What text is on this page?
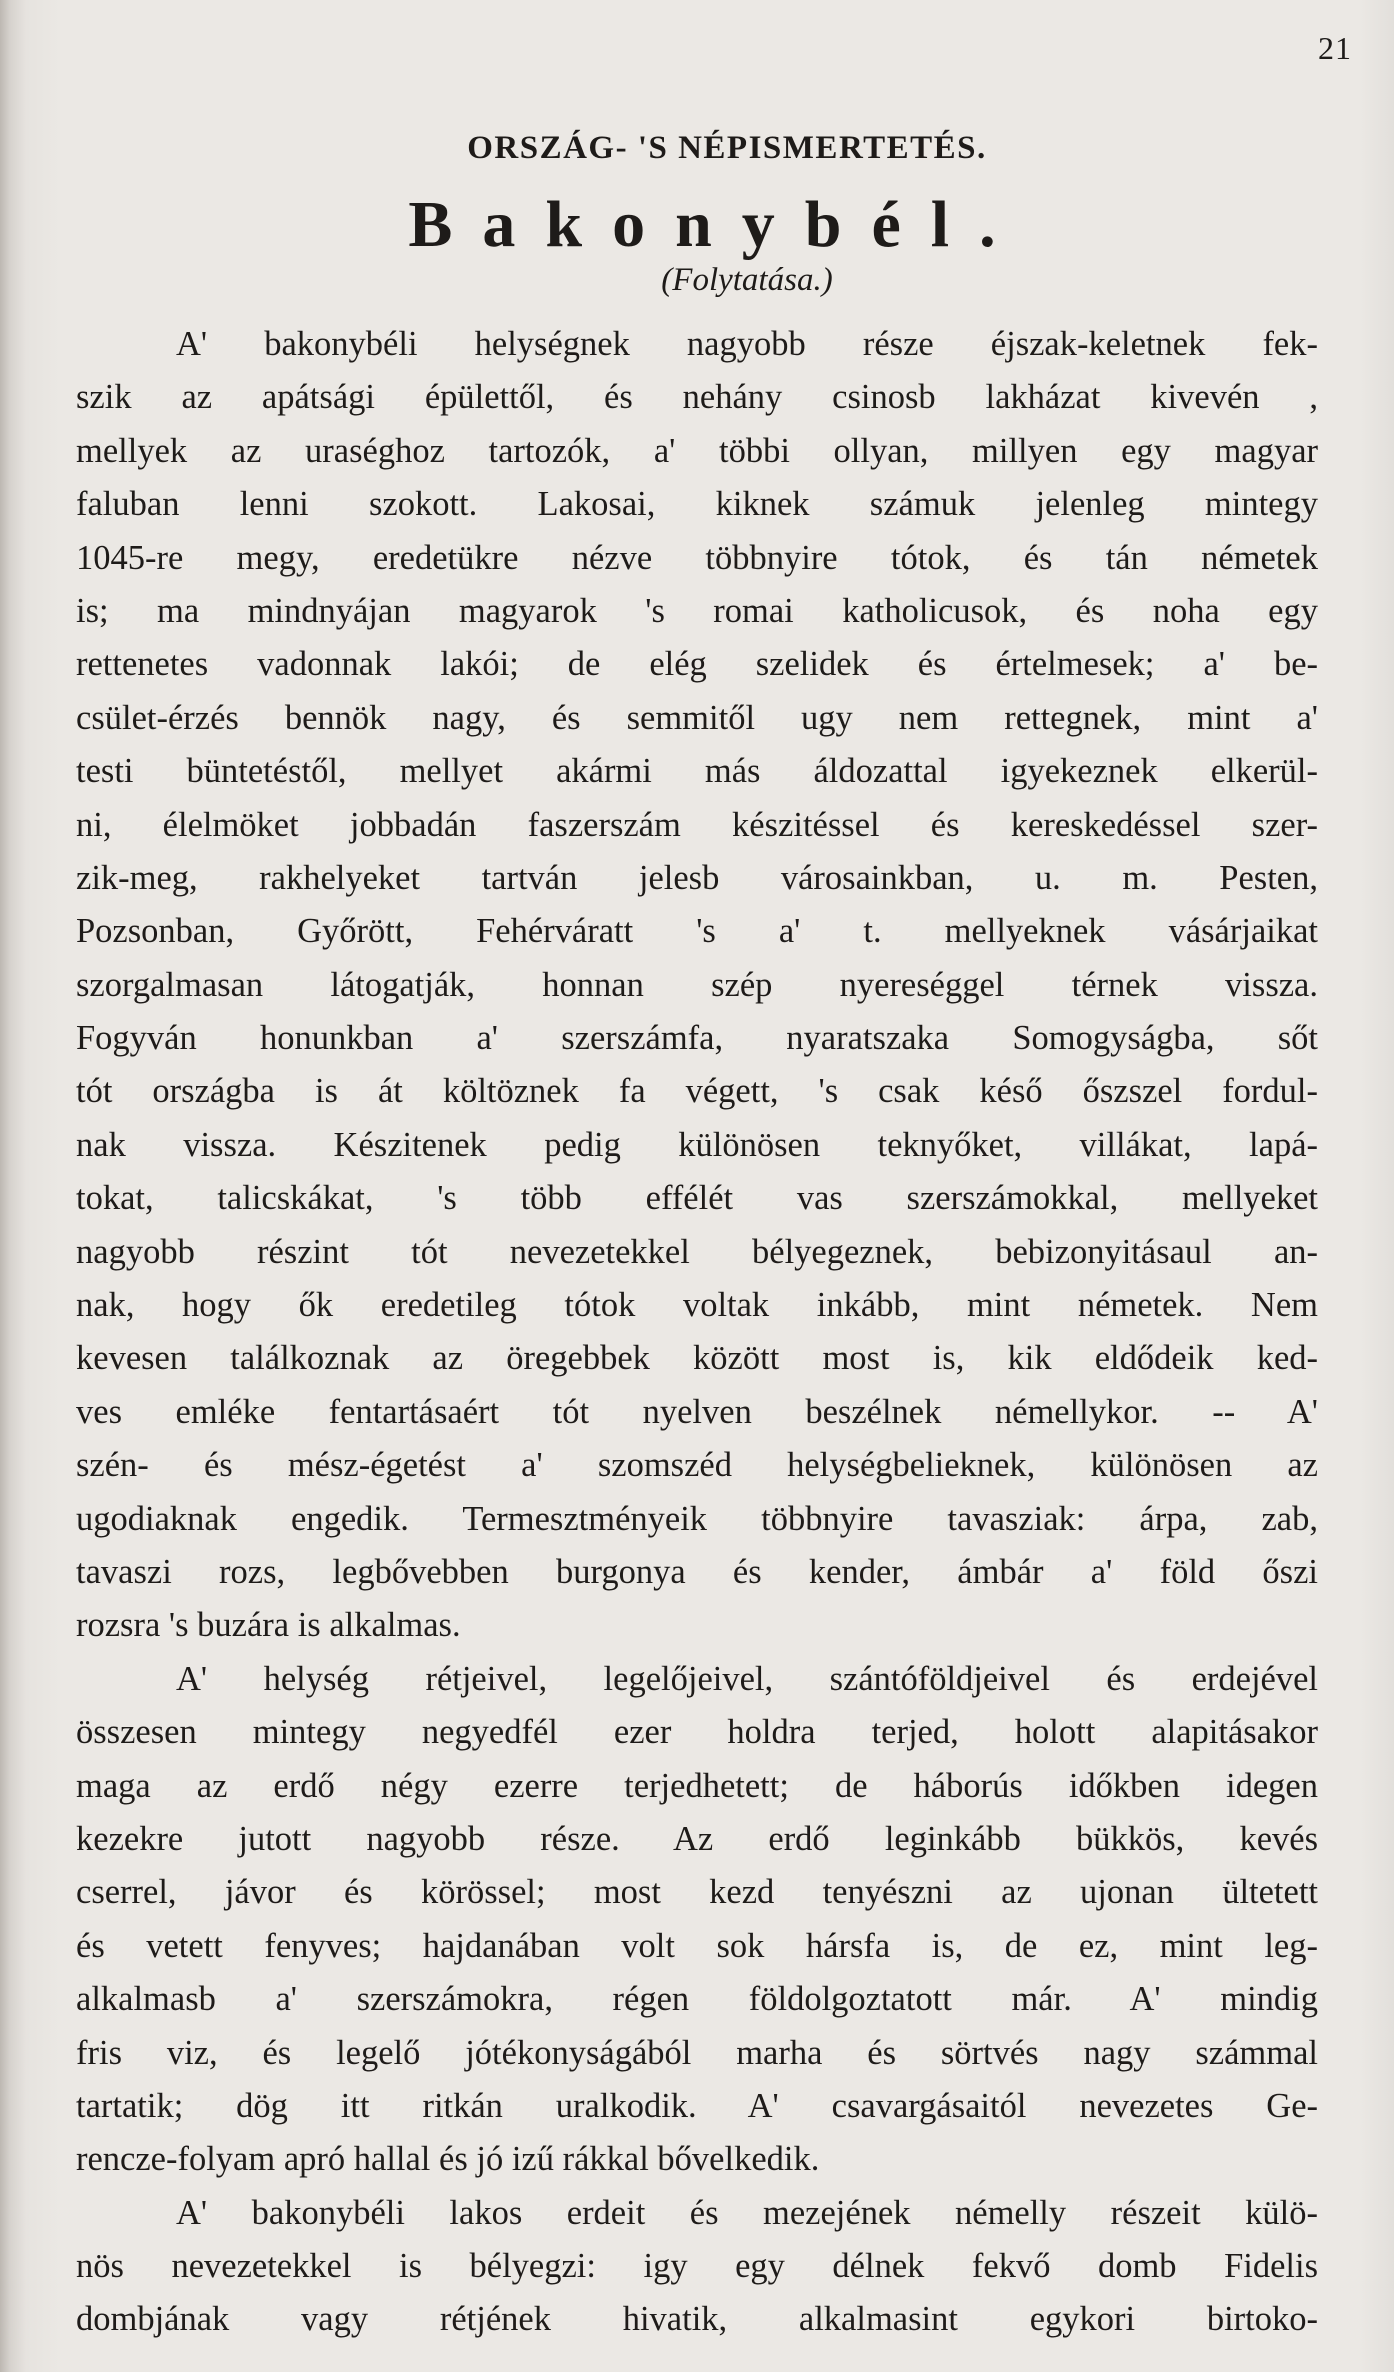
21
ORSZÁG- 'S NÉPISMERTETÉS.
Bakonybél.
(Folytatása.)
A' bakonybéli helységnek nagyobb része éjszak-keletnek fek-
szik az apátsági épülettől, és nehány csinosb lakházat kivevén ,
mellyek az uraséghoz tartozók, a' többi ollyan, millyen egy magyar
faluban lenni szokott. Lakosai, kiknek számuk jelenleg mintegy
1045-re megy, eredetükre nézve többnyire tótok, és tán németek
is; ma mindnyájan magyarok 's romai katholicusok, és noha egy
rettenetes vadonnak lakói; de elég szelidek és értelmesek; a' be-
csület-érzés bennök nagy, és semmitől ugy nem rettegnek, mint a'
testi büntetéstől, mellyet akármi más áldozattal igyekeznek elkerül-
ni, élelmöket jobbadán faszerszám készitéssel és kereskedéssel szer-
zik-meg, rakhelyeket tartván jelesb városainkban, u. m. Pesten,
Pozsonban, Győrött, Fehérváratt 's a' t. mellyeknek vásárjaikat
szorgalmasan látogatják, honnan szép nyereséggel térnek vissza.
Fogyván honunkban a' szerszámfa, nyaratszaka Somogyságba, sőt
tót országba is át költöznek fa végett, 's csak késő őszszel fordul-
nak vissza. Készitenek pedig különösen teknyőket, villákat, lapá-
tokat, talicskákat, 's több effélét vas szerszámokkal, mellyeket
nagyobb részint tót nevezetekkel bélyegeznek, bebizonyitásaul an-
nak, hogy ők eredetileg tótok voltak inkább, mint németek. Nem
kevesen találkoznak az öregebbek között most is, kik eldődeik ked-
ves emléke fentartásaért tót nyelven beszélnek némellykor. -- A'
szén- és mész-égetést a' szomszéd helységbelieknek, különösen az
ugodiaknak engedik. Termesztményeik többnyire tavasziak: árpa, zab,
tavaszi rozs, legbővebben burgonya és kender, ámbár a' föld őszi
rozsra 's buzára is alkalmas.
A' helység rétjeivel, legelőjeivel, szántóföldjeivel és erdejével
összesen mintegy negyedfél ezer holdra terjed, holott alapitásakor
maga az erdő négy ezerre terjedhetett; de háborús időkben idegen
kezekre jutott nagyobb része. Az erdő leginkább bükkös, kevés
cserrel, jávor és körössel; most kezd tenyészni az ujonan ültetett
és vetett fenyves; hajdanában volt sok hársfa is, de ez, mint leg-
alkalmasb a' szerszámokra, régen földolgoztatott már. A' mindig
fris viz, és legelő jótékonyságából marha és sörtvés nagy számmal
tartatik; dög itt ritkán uralkodik. A' csavargásaitól nevezetes Ge-
rencze-folyam apró hallal és jó izű rákkal bővelkedik.
A' bakonybéli lakos erdeit és mezejének némelly részeit külö-
nös nevezetekkel is bélyegzi: igy egy délnek fekvő domb Fidelis
dombjának vagy rétjének hivatik, alkalmasint egykori birtoko-
